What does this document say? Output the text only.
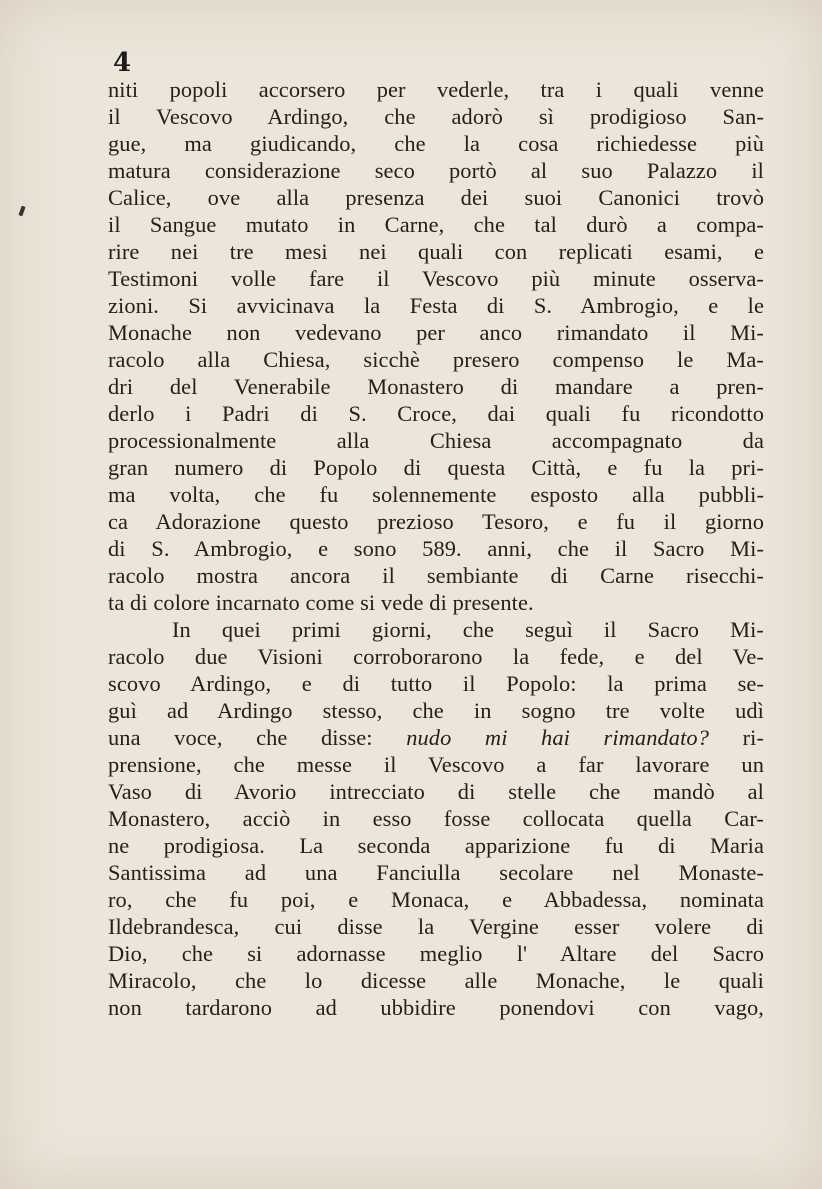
4
niti popoli accorsero per vederle, tra i quali venne
il Vescovo Ardingo, che adorò sì prodigioso San-
gue, ma giudicando, che la cosa richiedesse più
matura considerazione seco portò al suo Palazzo il
Calice, ove alla presenza dei suoi Canonici trovò
il Sangue mutato in Carne, che tal durò a compa-
rire nei tre mesi nei quali con replicati esami, e
Testimoni volle fare il Vescovo più minute osserva-
zioni. Si avvicinava la Festa di S. Ambrogio, e le
Monache non vedevano per anco rimandato il Mi-
racolo alla Chiesa, sicchè presero compenso le Ma-
dri del Venerabile Monastero di mandare a pren-
derlo i Padri di S. Croce, dai quali fu ricondotto
processionalmente alla Chiesa accompagnato da
gran numero di Popolo di questa Città, e fu la pri-
ma volta, che fu solennemente esposto alla pubbli-
ca Adorazione questo prezioso Tesoro, e fu il giorno
di S. Ambrogio, e sono 589. anni, che il Sacro Mi-
racolo mostra ancora il sembiante di Carne risecchi-
ta di colore incarnato come si vede di presente.
In quei primi giorni, che seguì il Sacro Mi-
racolo due Visioni corroborarono la fede, e del Ve-
scovo Ardingo, e di tutto il Popolo: la prima se-
guì ad Ardingo stesso, che in sogno tre volte udì
una voce, che disse: nudo mi hai rimandato? ri-
prensione, che messe il Vescovo a far lavorare un
Vaso di Avorio intrecciato di stelle che mandò al
Monastero, acciò in esso fosse collocata quella Car-
ne prodigiosa. La seconda apparizione fu di Maria
Santissima ad una Fanciulla secolare nel Monaste-
ro, che fu poi, e Monaca, e Abbadessa, nominata
Ildebrandesca, cui disse la Vergine esser volere di
Dio, che si adornasse meglio l' Altare del Sacro
Miracolo, che lo dicesse alle Monache, le quali
non tardarono ad ubbidire ponendovi con vago,
